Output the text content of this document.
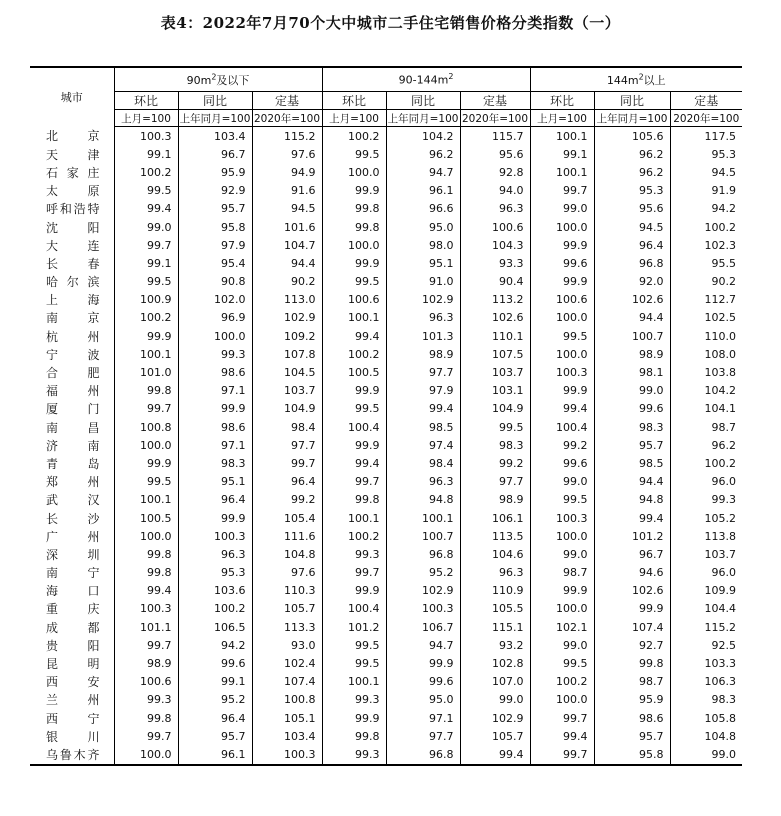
表4：2022年7月70个大中城市二手住宅销售价格分类指数（一）
城市	$90m^2$及以下			$90-144m^2$			$144m^2$以上		
	环比	同比	定基	环比	同比	定基	环比	同比	定基
	上月=100	上年同月=100	2020年=100	上月=100	上年同月=100	2020年=100	上月=100	上年同月=100	2020年=100
北京	100.3	103.4	115.2	100.2	104.2	115.7	100.1	105.6	117.5
天津	99.1	96.7	97.6	99.5	96.2	95.6	99.1	96.2	95.3
石家庄	100.2	95.9	94.9	100.0	94.7	92.8	100.1	96.2	94.5
太原	99.5	92.9	91.6	99.9	96.1	94.0	99.7	95.3	91.9
呼和浩特	99.4	95.7	94.5	99.8	96.6	96.3	99.0	95.6	94.2
沈阳	99.0	95.8	101.6	99.8	95.0	100.6	100.0	94.5	100.2
大连	99.7	97.9	104.7	100.0	98.0	104.3	99.9	96.4	102.3
长春	99.1	95.4	94.4	99.9	95.1	93.3	99.6	96.8	95.5
哈尔滨	99.5	90.8	90.2	99.5	91.0	90.4	99.9	92.0	90.2
上海	100.9	102.0	113.0	100.6	102.9	113.2	100.6	102.6	112.7
南京	100.2	96.9	102.9	100.1	96.3	102.6	100.0	94.4	102.5
杭州	99.9	100.0	109.2	99.4	101.3	110.1	99.5	100.7	110.0
宁波	100.1	99.3	107.8	100.2	98.9	107.5	100.0	98.9	108.0
合肥	101.0	98.6	104.5	100.5	97.7	103.7	100.3	98.1	103.8
福州	99.8	97.1	103.7	99.9	97.9	103.1	99.9	99.0	104.2
厦门	99.7	99.9	104.9	99.5	99.4	104.9	99.4	99.6	104.1
南昌	100.8	98.6	98.4	100.4	98.5	99.5	100.4	98.3	98.7
济南	100.0	97.1	97.7	99.9	97.4	98.3	99.2	95.7	96.2
青岛	99.9	98.3	99.7	99.4	98.4	99.2	99.6	98.5	100.2
郑州	99.5	95.1	96.4	99.7	96.3	97.7	99.0	94.4	96.0
武汉	100.1	96.4	99.2	99.8	94.8	98.9	99.5	94.8	99.3
长沙	100.5	99.9	105.4	100.1	100.1	106.1	100.3	99.4	105.2
广州	100.0	100.3	111.6	100.2	100.7	113.5	100.0	101.2	113.8
深圳	99.8	96.3	104.8	99.3	96.8	104.6	99.0	96.7	103.7
南宁	99.8	95.3	97.6	99.7	95.2	96.3	98.7	94.6	96.0
海口	99.4	103.6	110.3	99.9	102.9	110.9	99.9	102.6	109.9
重庆	100.3	100.2	105.7	100.4	100.3	105.5	100.0	99.9	104.4
成都	101.1	106.5	113.3	101.2	106.7	115.1	102.1	107.4	115.2
贵阳	99.7	94.2	93.0	99.5	94.7	93.2	99.0	92.7	92.5
昆明	98.9	99.6	102.4	99.5	99.9	102.8	99.5	99.8	103.3
西安	100.6	99.1	107.4	100.1	99.6	107.0	100.2	98.7	106.3
兰州	99.3	95.2	100.8	99.3	95.0	99.0	100.0	95.9	98.3
西宁	99.8	96.4	105.1	99.9	97.1	102.9	99.7	98.6	105.8
银川	99.7	95.7	103.4	99.8	97.7	105.7	99.4	95.7	104.8
乌鲁木齐	100.0	96.1	100.3	99.3	96.8	99.4	99.7	95.8	99.0
